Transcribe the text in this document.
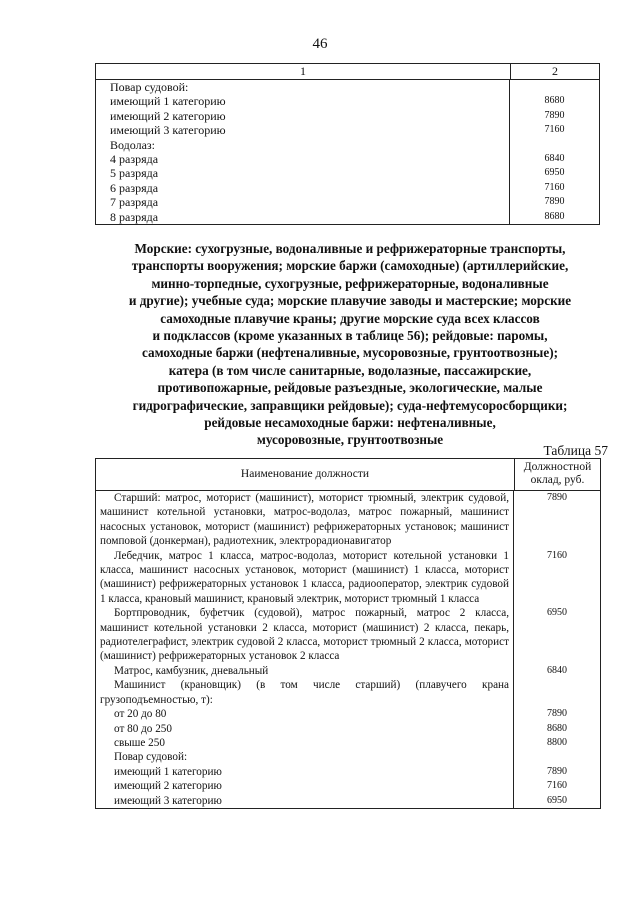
46
1	2
Повар судовой:
имеющий 1 категорию	8680
имеющий 2 категорию	7890
имеющий 3 категорию	7160
Водолаз:
4 разряда	6840
5 разряда	6950
6 разряда	7160
7 разряда	7890
8 разряда	8680
Морские: сухогрузные, водоналивные и рефрижераторные транспорты,
транспорты вооружения; морские баржи (самоходные) (артиллерийские,
минно-торпедные, сухогрузные, рефрижераторные, водоналивные
и другие); учебные суда; морские плавучие заводы и мастерские; морские
самоходные плавучие краны; другие морские суда всех классов
и подклассов (кроме указанных в таблице 56); рейдовые: паромы,
самоходные баржи (нефтеналивные, мусоровозные, грунтоотвозные);
катера (в том числе санитарные, водолазные, пассажирские,
противопожарные, рейдовые разъездные, экологические, малые
гидрографические, заправщики рейдовые); суда-нефтемусоросборщики;
рейдовые несамоходные баржи: нефтеналивные,
мусоровозные, грунтоотвозные
Таблица 57
Наименование должности
Должностной оклад, руб.
Старший: матрос, моторист (машинист), моторист трюмный, электрик судовой, машинист котельной установки, матрос-водолаз, матрос пожарный, машинист насосных установок, моторист (машинист) рефрижераторных установок; машинист помповой (донкерман), радиотехник, электрорадионавигатор
7890
Лебедчик, матрос 1 класса, матрос-водолаз, моторист котельной установки 1 класса, машинист насосных установок, моторист (машинист) 1 класса, моторист (машинист) рефрижераторных установок 1 класса, радиооператор, электрик судовой 1 класса, крановый машинист, крановый электрик, моторист трюмный 1 класса
7160
Бортпроводник, буфетчик (судовой), матрос пожарный, матрос 2 класса, машинист котельной установки 2 класса, моторист (машинист) 2 класса, пекарь, радиотелеграфист, электрик судовой 2 класса, моторист трюмный 2 класса, моторист (машинист) рефрижераторных установок 2 класса
6950
Матрос, камбузник, дневальный	6840
Машинист (крановщик) (в том числе старший) (плавучего крана грузоподъемностью, т):
от 20 до 80	7890
от 80 до 250	8680
свыше 250	8800
Повар судовой:
имеющий 1 категорию	7890
имеющий 2 категорию	7160
имеющий 3 категорию	6950
